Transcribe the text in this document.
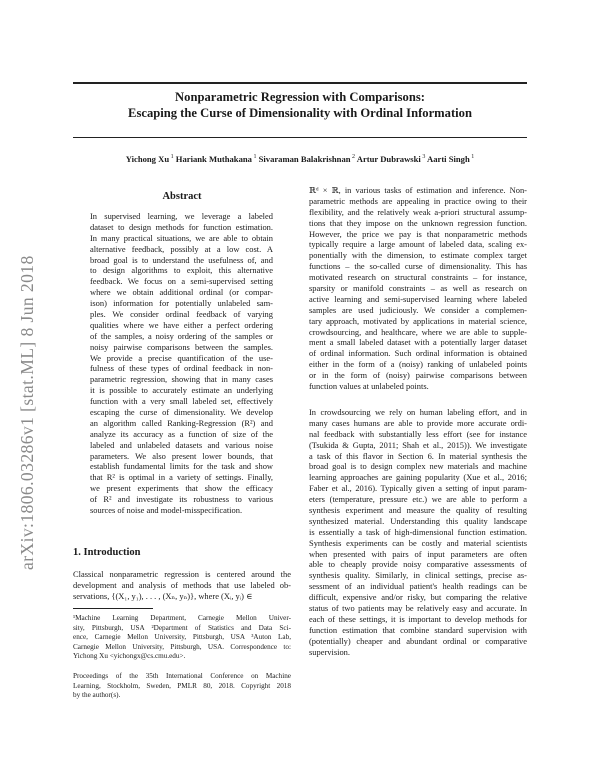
arXiv:1806.03286v1 [stat.ML] 8 Jun 2018
Nonparametric Regression with Comparisons:
Escaping the Curse of Dimensionality with Ordinal Information
Yichong Xu $^1$ Hariank Muthakana $^1$ Sivaraman Balakrishnan $^2$ Artur Dubrawski $^3$ Aarti Singh $^1$
Abstract
In supervised learning, we leverage a labeled
dataset to design methods for function estimation.
In many practical situations, we are able to obtain
alternative feedback, possibly at a low cost. A
broad goal is to understand the usefulness of, and
to design algorithms to exploit, this alternative
feedback. We focus on a semi-supervised setting
where we obtain additional ordinal (or compar-
ison) information for potentially unlabeled sam-
ples. We consider ordinal feedback of varying
qualities where we have either a perfect ordering
of the samples, a noisy ordering of the samples or
noisy pairwise comparisons between the samples.
We provide a precise quantification of the use-
fulness of these types of ordinal feedback in non-
parametric regression, showing that in many cases
it is possible to accurately estimate an underlying
function with a very small labeled set, effectively
escaping the curse of dimensionality. We develop
an algorithm called Ranking-Regression (R²) and
analyze its accuracy as a function of size of the
labeled and unlabeled datasets and various noise
parameters. We also present lower bounds, that
establish fundamental limits for the task and show
that R² is optimal in a variety of settings. Finally,
we present experiments that show the efficacy
of R² and investigate its robustness to various
sources of noise and model-misspecification.
1. Introduction
Classical nonparametric regression is centered around the
development and analysis of methods that use labeled ob-
servations, {(X₁, y₁), . . . , (Xₙ, yₙ)}, where (Xᵢ, yᵢ) ∈
¹Machine Learning Department, Carnegie Mellon Univer-
sity, Pittsburgh, USA ²Department of Statistics and Data Sci-
ence, Carnegie Mellon University, Pittsburgh, USA ³Auton Lab,
Carnegie Mellon University, Pittsburgh, USA. Correspondence to:
Yichong Xu <yichongx@cs.cmu.edu>.
Proceedings of the 35th International Conference on Machine
Learning, Stockholm, Sweden, PMLR 80, 2018. Copyright 2018
by the author(s).
ℝᵈ × ℝ, in various tasks of estimation and inference. Non-
parametric methods are appealing in practice owing to their
flexibility, and the relatively weak a-priori structural assump-
tions that they impose on the unknown regression function.
However, the price we pay is that nonparametric methods
typically require a large amount of labeled data, scaling ex-
ponentially with the dimension, to estimate complex target
functions – the so-called curse of dimensionality. This has
motivated research on structural constraints – for instance,
sparsity or manifold constraints – as well as research on
active learning and semi-supervised learning where labeled
samples are used judiciously. We consider a complemen-
tary approach, motivated by applications in material science,
crowdsourcing, and healthcare, where we are able to supple-
ment a small labeled dataset with a potentially larger dataset
of ordinal information. Such ordinal information is obtained
either in the form of a (noisy) ranking of unlabeled points
or in the form of (noisy) pairwise comparisons between
function values at unlabeled points.
In crowdsourcing we rely on human labeling effort, and in
many cases humans are able to provide more accurate ordi-
nal feedback with substantially less effort (see for instance
(Tsukida & Gupta, 2011; Shah et al., 2015)). We investigate
a task of this flavor in Section 6. In material synthesis the
broad goal is to design complex new materials and machine
learning approaches are gaining popularity (Xue et al., 2016;
Faber et al., 2016). Typically given a setting of input param-
eters (temperature, pressure etc.) we are able to perform a
synthesis experiment and measure the quality of resulting
synthesized material. Understanding this quality landscape
is essentially a task of high-dimensional function estimation.
Synthesis experiments can be costly and material scientists
when presented with pairs of input parameters are often
able to cheaply provide noisy comparative assessments of
synthesis quality. Similarly, in clinical settings, precise as-
sessment of an individual patient's health readings can be
difficult, expensive and/or risky, but comparing the relative
status of two patients may be relatively easy and accurate. In
each of these settings, it is important to develop methods for
function estimation that combine standard supervision with
(potentially) cheaper and abundant ordinal or comparative
supervision.
